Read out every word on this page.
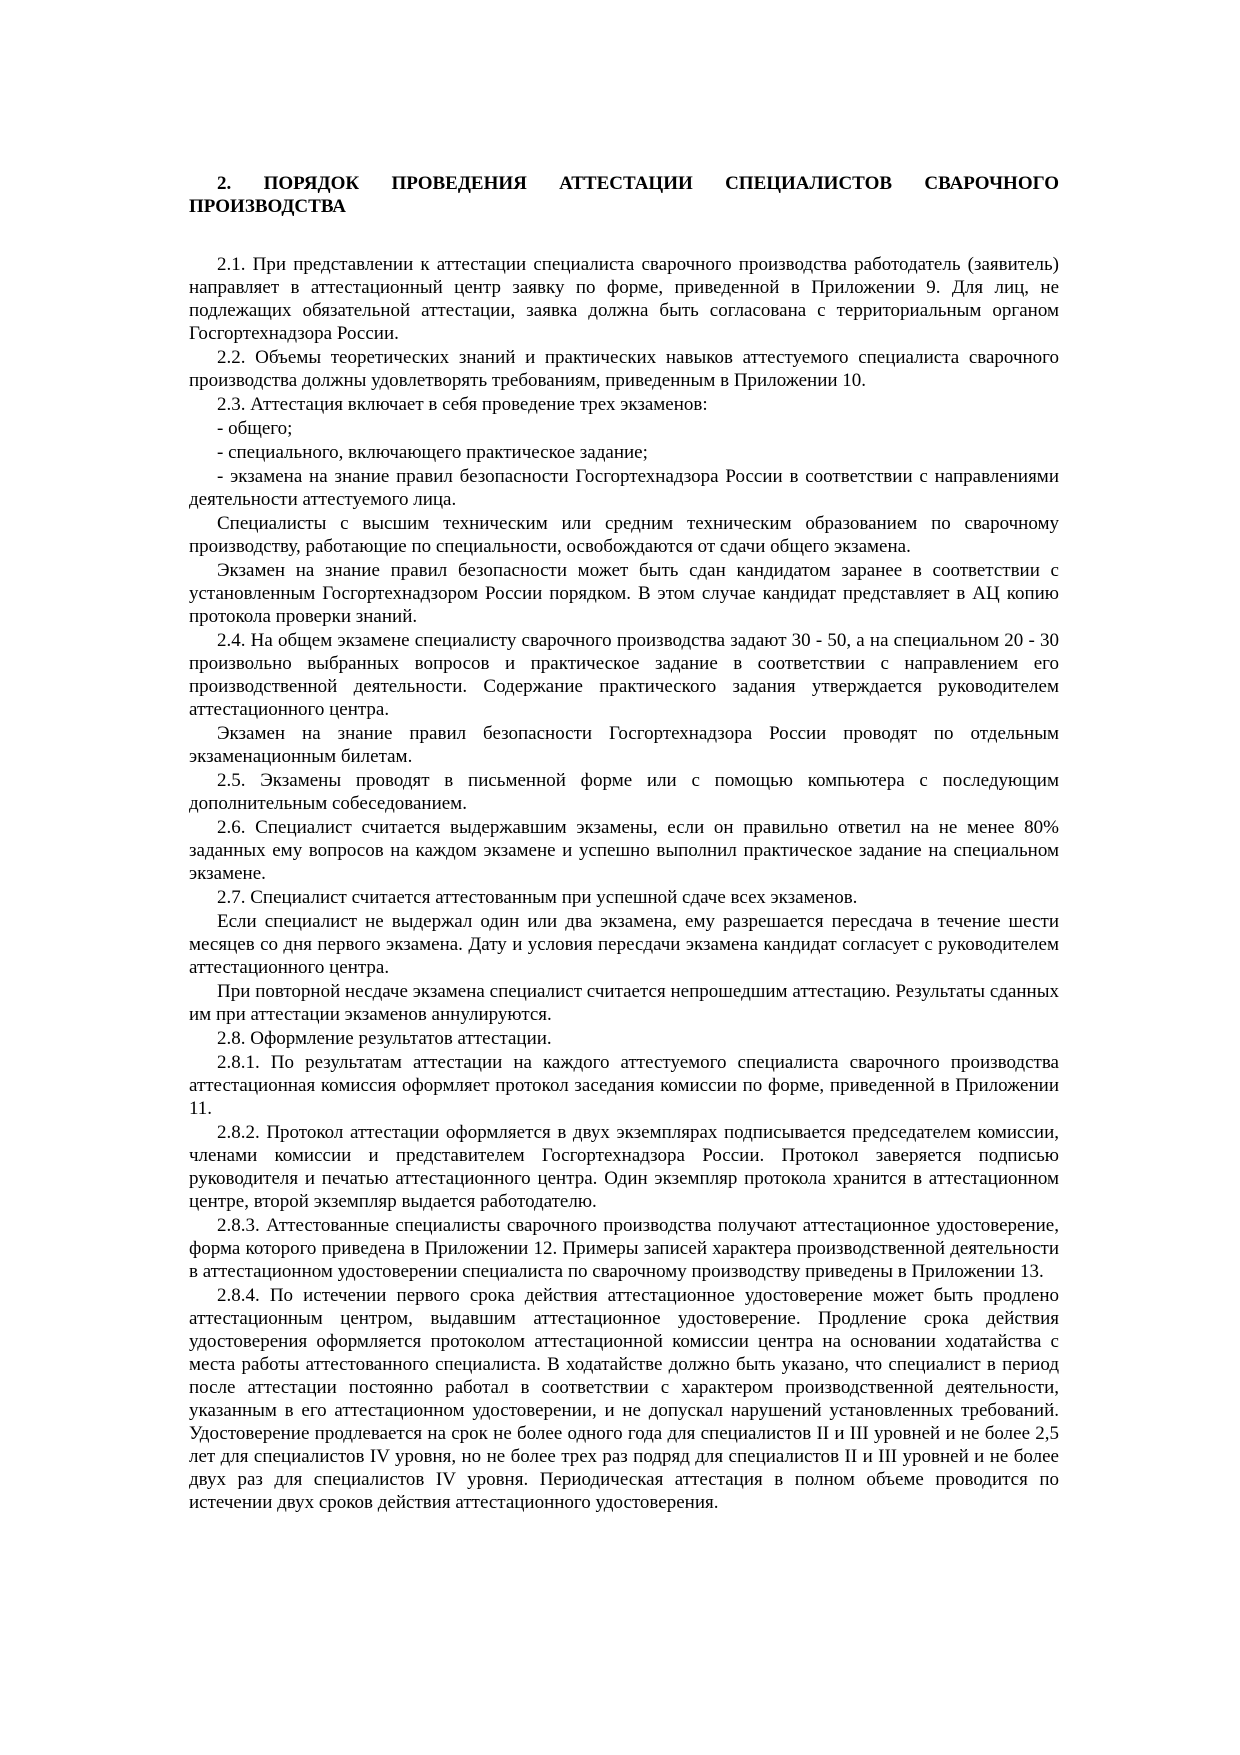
2. ПОРЯДОК ПРОВЕДЕНИЯ АТТЕСТАЦИИ СПЕЦИАЛИСТОВ СВАРОЧНОГО ПРОИЗВОДСТВА
2.1. При представлении к аттестации специалиста сварочного производства работодатель (заявитель) направляет в аттестационный центр заявку по форме, приведенной в Приложении 9. Для лиц, не подлежащих обязательной аттестации, заявка должна быть согласована с территориальным органом Госгортехнадзора России.
2.2. Объемы теоретических знаний и практических навыков аттестуемого специалиста сварочного производства должны удовлетворять требованиям, приведенным в Приложении 10.
2.3. Аттестация включает в себя проведение трех экзаменов:
- общего;
- специального, включающего практическое задание;
- экзамена на знание правил безопасности Госгортехнадзора России в соответствии с направлениями деятельности аттестуемого лица.
Специалисты с высшим техническим или средним техническим образованием по сварочному производству, работающие по специальности, освобождаются от сдачи общего экзамена.
Экзамен на знание правил безопасности может быть сдан кандидатом заранее в соответствии с установленным Госгортехнадзором России порядком. В этом случае кандидат представляет в АЦ копию протокола проверки знаний.
2.4. На общем экзамене специалисту сварочного производства задают 30 - 50, а на специальном 20 - 30 произвольно выбранных вопросов и практическое задание в соответствии с направлением его производственной деятельности. Содержание практического задания утверждается руководителем аттестационного центра.
Экзамен на знание правил безопасности Госгортехнадзора России проводят по отдельным экзаменационным билетам.
2.5. Экзамены проводят в письменной форме или с помощью компьютера с последующим дополнительным собеседованием.
2.6. Специалист считается выдержавшим экзамены, если он правильно ответил на не менее 80% заданных ему вопросов на каждом экзамене и успешно выполнил практическое задание на специальном экзамене.
2.7. Специалист считается аттестованным при успешной сдаче всех экзаменов.
Если специалист не выдержал один или два экзамена, ему разрешается пересдача в течение шести месяцев со дня первого экзамена. Дату и условия пересдачи экзамена кандидат согласует с руководителем аттестационного центра.
При повторной несдаче экзамена специалист считается непрошедшим аттестацию. Результаты сданных им при аттестации экзаменов аннулируются.
2.8. Оформление результатов аттестации.
2.8.1. По результатам аттестации на каждого аттестуемого специалиста сварочного производства аттестационная комиссия оформляет протокол заседания комиссии по форме, приведенной в Приложении 11.
2.8.2. Протокол аттестации оформляется в двух экземплярах подписывается председателем комиссии, членами комиссии и представителем Госгортехнадзора России. Протокол заверяется подписью руководителя и печатью аттестационного центра. Один экземпляр протокола хранится в аттестационном центре, второй экземпляр выдается работодателю.
2.8.3. Аттестованные специалисты сварочного производства получают аттестационное удостоверение, форма которого приведена в Приложении 12. Примеры записей характера производственной деятельности в аттестационном удостоверении специалиста по сварочному производству приведены в Приложении 13.
2.8.4. По истечении первого срока действия аттестационное удостоверение может быть продлено аттестационным центром, выдавшим аттестационное удостоверение. Продление срока действия удостоверения оформляется протоколом аттестационной комиссии центра на основании ходатайства с места работы аттестованного специалиста. В ходатайстве должно быть указано, что специалист в период после аттестации постоянно работал в соответствии с характером производственной деятельности, указанным в его аттестационном удостоверении, и не допускал нарушений установленных требований. Удостоверение продлевается на срок не более одного года для специалистов II и III уровней и не более 2,5 лет для специалистов IV уровня, но не более трех раз подряд для специалистов II и III уровней и не более двух раз для специалистов IV уровня. Периодическая аттестация в полном объеме проводится по истечении двух сроков действия аттестационного удостоверения.
